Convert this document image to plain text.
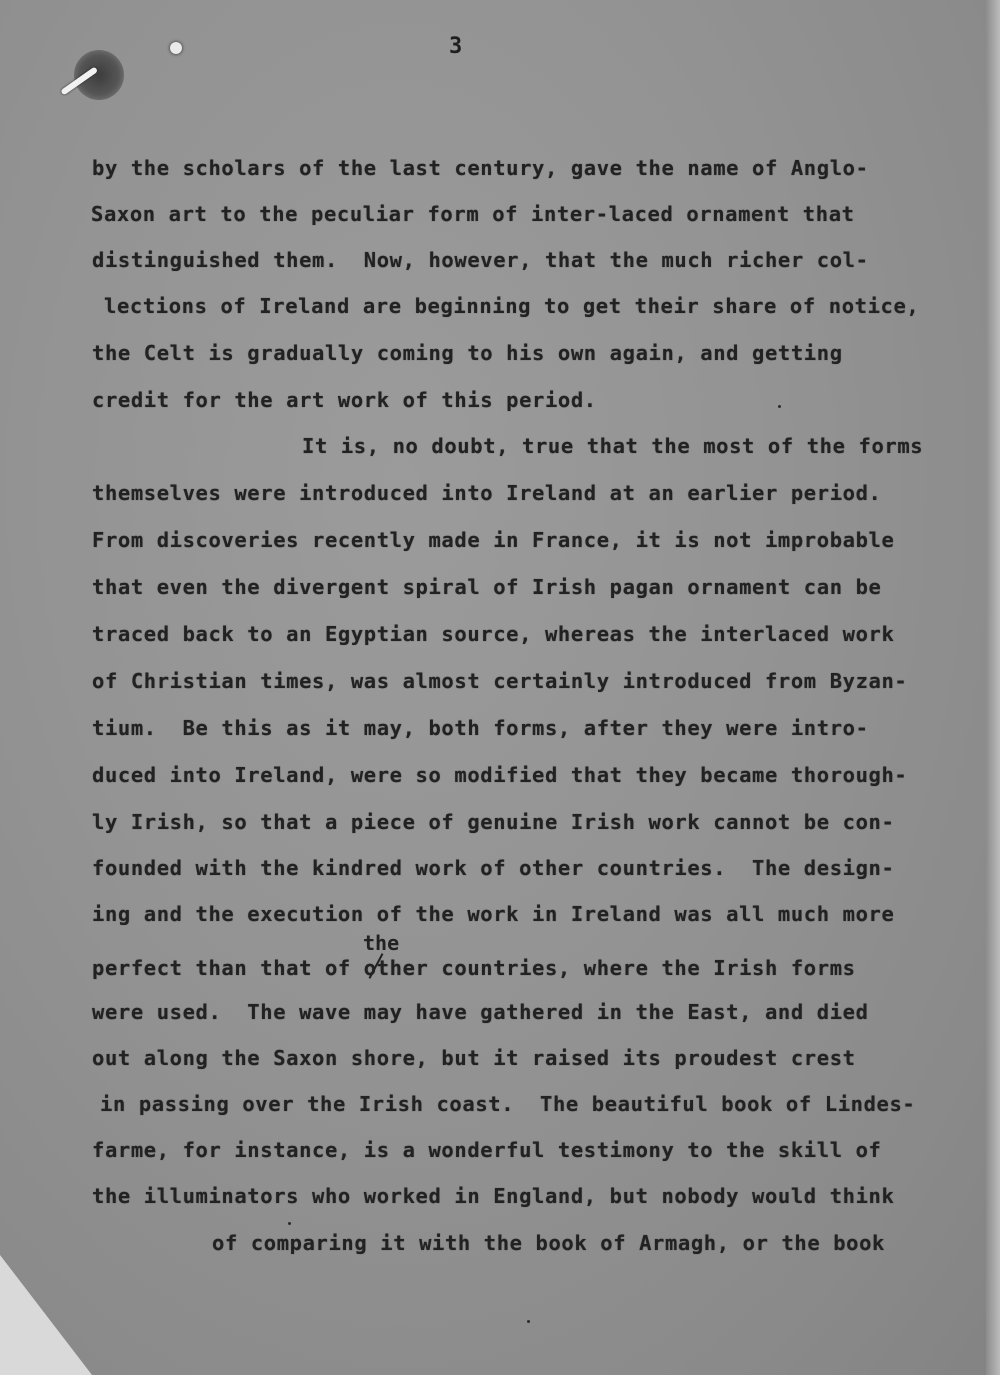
3
by the scholars of the last century, gave the name of Anglo-
Saxon art to the peculiar form of inter-laced ornament that
distinguished them.  Now, however, that the much richer col-
lections of Ireland are beginning to get their share of notice,
the Celt is gradually coming to his own again, and getting
credit for the art work of this period.
It is, no doubt, true that the most of the forms
themselves were introduced into Ireland at an earlier period.
From discoveries recently made in France, it is not improbable
that even the divergent spiral of Irish pagan ornament can be
traced back to an Egyptian source, whereas the interlaced work
of Christian times, was almost certainly introduced from Byzan-
tium.  Be this as it may, both forms, after they were intro-
duced into Ireland, were so modified that they became thorough-
ly Irish, so that a piece of genuine Irish work cannot be con-
founded with the kindred work of other countries.  The design-
ing and the execution of the work in Ireland was all much more
the
perfect than that of other countries, where the Irish forms
were used.  The wave may have gathered in the East, and died
out along the Saxon shore, but it raised its proudest crest
in passing over the Irish coast.  The beautiful book of Lindes-
farme, for instance, is a wonderful testimony to the skill of
the illuminators who worked in England, but nobody would think
of comparing it with the book of Armagh, or the book
